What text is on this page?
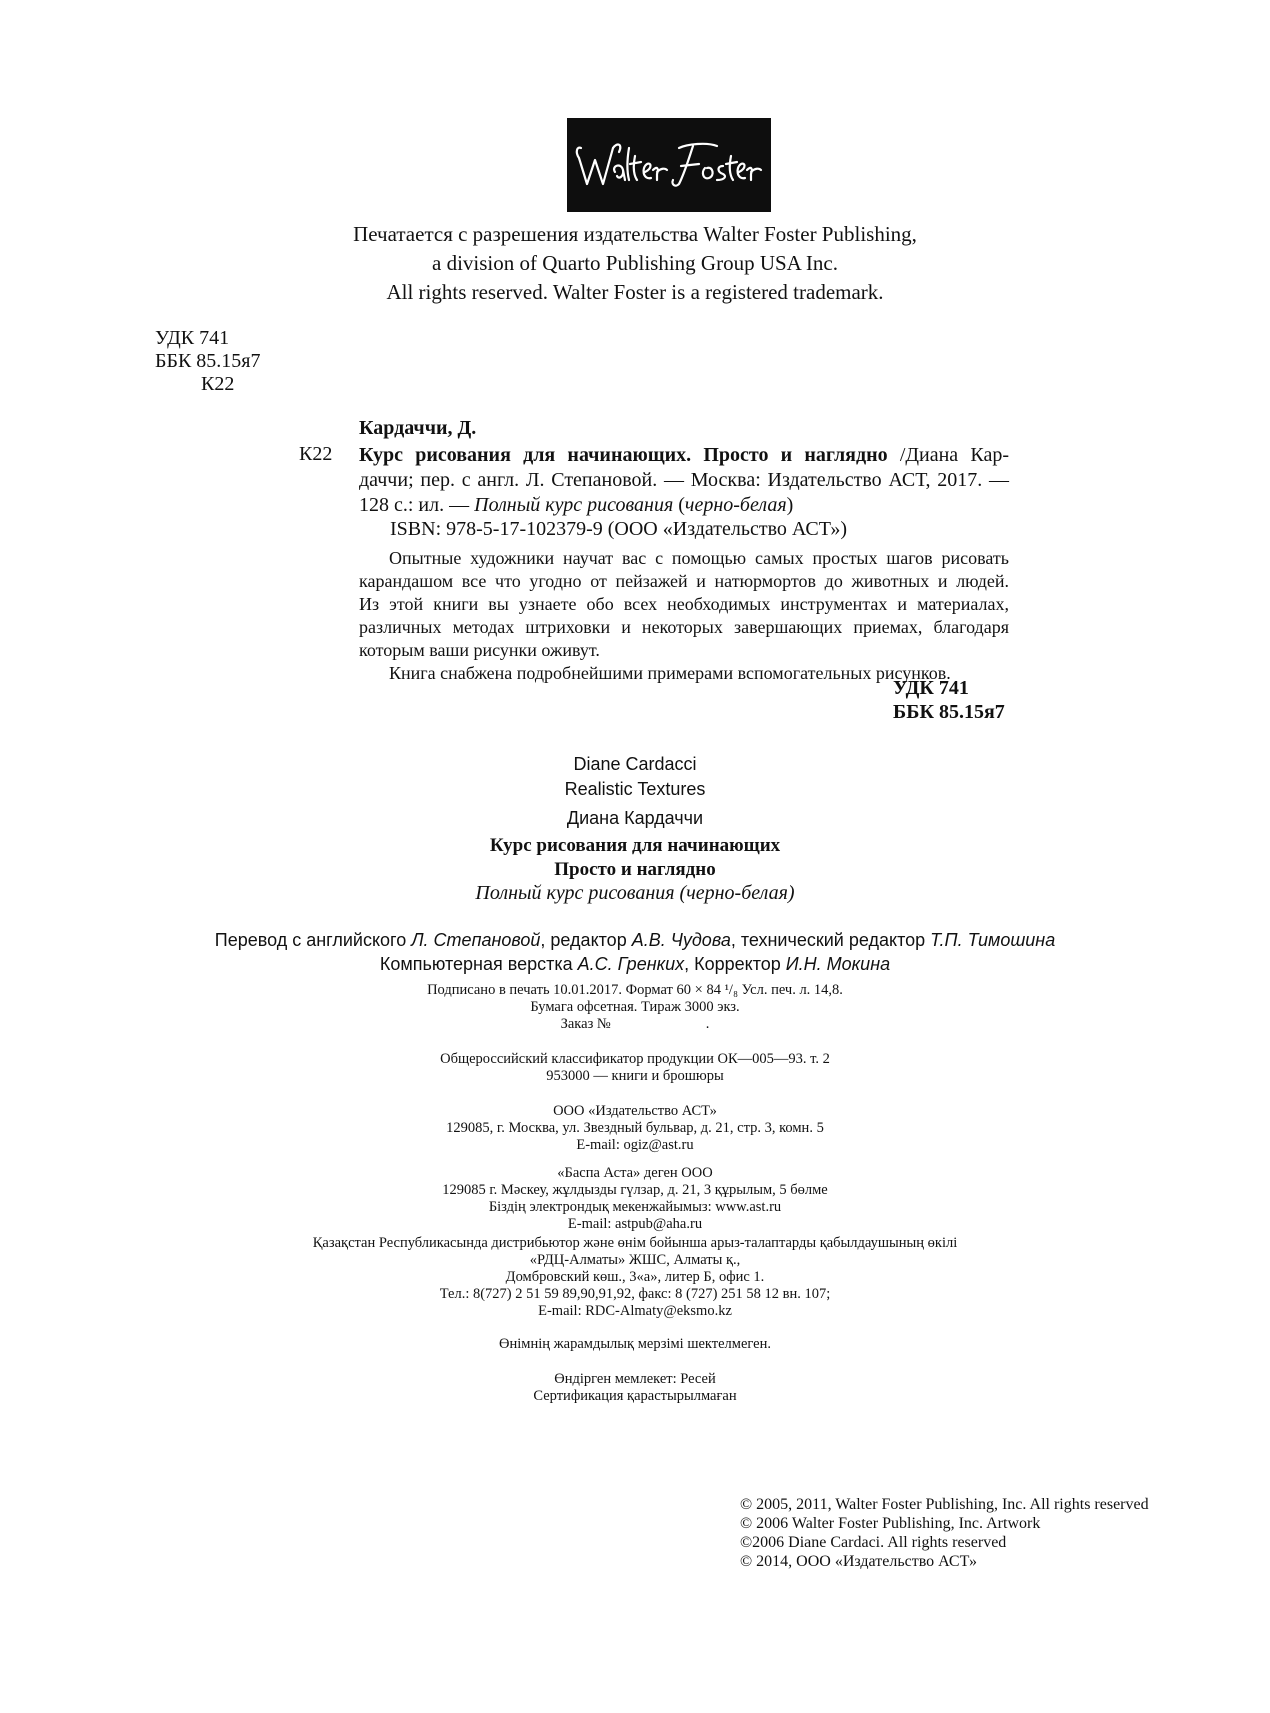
Печатается с разрешения издательства Walter Foster Publishing,
a division of Quarto Publishing Group USA Inc.
All rights reserved. Walter Foster is a registered trademark.
УДК 741
ББК 85.15я7
К22
Кардаччи, Д.
К22 Курс рисования для начинающих. Просто и наглядно /Диана Кар-
даччи; пер. с англ. Л. Степановой. — Москва: Издательство АСТ, 2017. —
128 с.: ил. — Полный курс рисования (черно-белая)
ISBN: 978-5-17-102379-9 (ООО «Издательство АСТ»)
Опытные художники научат вас с помощью самых простых шагов рисовать
карандашом все что угодно от пейзажей и натюрмортов до животных и людей.
Из этой книги вы узнаете обо всех необходимых инструментах и материалах,
различных методах штриховки и некоторых завершающих приемах, благодаря
которым ваши рисунки оживут.
Книга снабжена подробнейшими примерами вспомогательных рисунков.
УДК 741
ББК 85.15я7
Diane Cardacci
Realistic Textures
Диана Кардаччи
Курс рисования для начинающих
Просто и наглядно
Полный курс рисования (черно-белая)
Перевод с английского Л. Степановой, редактор А.В. Чудова, технический редактор Т.П. Тимошина
Компьютерная верстка А.С. Гренких, Корректор И.Н. Мокина
Подписано в печать 10.01.2017. Формат 60 × 84 ¹/₈ Усл. печ. л. 14,8.
Бумага офсетная. Тираж 3000 экз.
Заказ №	.
Общероссийский классификатор продукции ОК—005—93. т. 2
953000 — книги и брошюры
ООО «Издательство АСТ»
129085, г. Москва, ул. Звездный бульвар, д. 21, стр. 3, комн. 5
E-mail: ogiz@ast.ru
«Баспа Аста» деген ООО
129085 г. Мәскеу, жұлдызды гүлзар, д. 21, 3 құрылым, 5 бөлме
Біздің электрондық мекенжайымыз: www.ast.ru
E-mail: astpub@aha.ru
Қазақстан Республикасында дистрибьютор және өнім бойынша арыз-талаптарды қабылдаушының өкілі
«РДЦ-Алматы» ЖШС, Алматы қ.,
Домбровский көш., 3«а», литер Б, офис 1.
Тел.: 8(727) 2 51 59 89,90,91,92, факс: 8 (727) 251 58 12 вн. 107;
E-mail: RDC-Almaty@eksmo.kz
Өнімнің жарамдылық мерзімі шектелмеген.
Өндірген мемлекет: Ресей
Сертификация қарастырылмаған
© 2005, 2011, Walter Foster Publishing, Inc. All rights reserved
© 2006 Walter Foster Publishing, Inc. Artwork
©2006 Diane Cardaci. All rights reserved
© 2014, ООО «Издательство АСТ»
